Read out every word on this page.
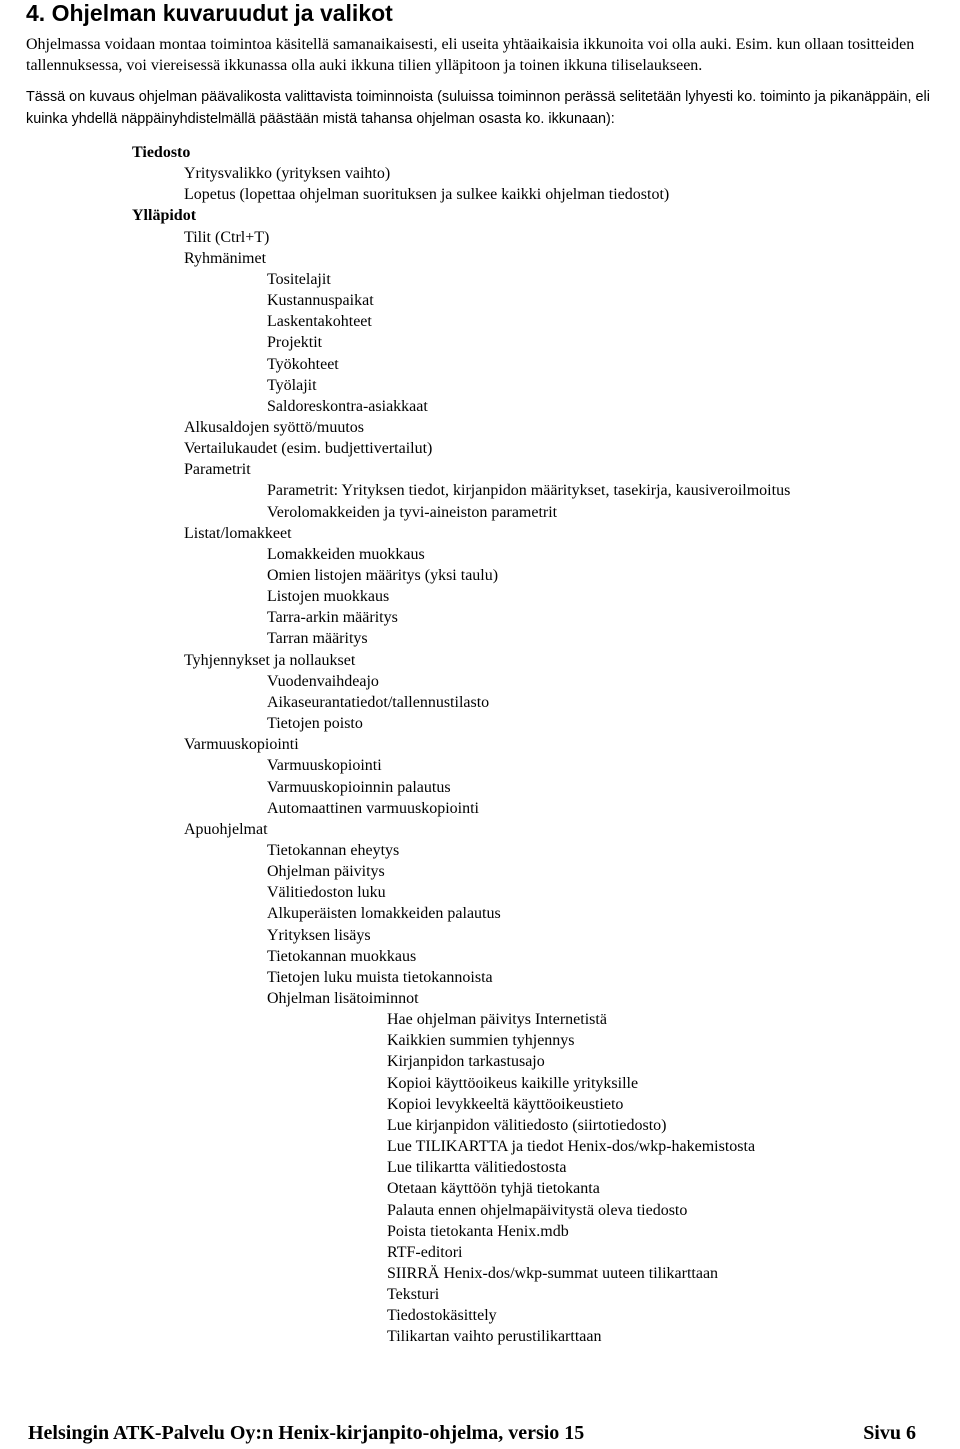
4. Ohjelman kuvaruudut ja valikot

Ohjelmassa voidaan montaa toimintoa käsitellä samanaikaisesti, eli useita yhtäaikaisia ikkunoita voi olla auki. Esim. kun ollaan tositteiden tallennuksessa, voi viereisessä ikkunassa olla auki ikkuna tilien ylläpitoon ja toinen ikkuna tiliselaukseen.

Tässä on kuvaus ohjelman päävalikosta valittavista toiminnoista (suluissa toiminnon perässä selitetään lyhyesti ko. toiminto ja pikanäppäin, eli kuinka yhdellä näppäinyhdistelmällä päästään mistä tahansa ohjelman osasta ko. ikkunaan):

Tiedosto
Yritysvalikko (yrityksen vaihto)
Lopetus (lopettaa ohjelman suorituksen ja sulkee kaikki ohjelman tiedostot)
Ylläpidot
Tilit (Ctrl+T)
Ryhmänimet
Tositelajit
Kustannuspaikat
Laskentakohteet
Projektit
Työkohteet
Työlajit
Saldoreskontra-asiakkaat
Alkusaldojen syöttö/muutos
Vertailukaudet (esim. budjettivertailut)
Parametrit
Parametrit: Yrityksen tiedot, kirjanpidon määritykset, tasekirja, kausiveroilmoitus
Verolomakkeiden ja tyvi-aineiston parametrit
Listat/lomakkeet
Lomakkeiden muokkaus
Omien listojen määritys (yksi taulu)
Listojen muokkaus
Tarra-arkin määritys
Tarran määritys
Tyhjennykset ja nollaukset
Vuodenvaihdeajo
Aikaseurantatiedot/tallennustilasto
Tietojen poisto
Varmuuskopiointi
Varmuuskopiointi
Varmuuskopioinnin palautus
Automaattinen varmuuskopiointi
Apuohjelmat
Tietokannan eheytys
Ohjelman päivitys
Välitiedoston luku
Alkuperäisten lomakkeiden palautus
Yrityksen lisäys
Tietokannan muokkaus
Tietojen luku muista tietokannoista
Ohjelman lisätoiminnot
Hae ohjelman päivitys Internetistä
Kaikkien summien tyhjennys
Kirjanpidon tarkastusajo
Kopioi käyttöoikeus kaikille yrityksille
Kopioi levykkeeltä käyttöoikeustieto
Lue kirjanpidon välitiedosto (siirtotiedosto)
Lue TILIKARTTA ja tiedot Henix-dos/wkp-hakemistosta
Lue tilikartta välitiedostosta
Otetaan käyttöön tyhjä tietokanta
Palauta ennen ohjelmapäivitystä oleva tiedosto
Poista tietokanta Henix.mdb
RTF-editori
SIIRRÄ Henix-dos/wkp-summat uuteen tilikarttaan
Teksturi
Tiedostokäsittely
Tilikartan vaihto perustilikarttaan
Helsingin ATK-Palvelu Oy:n Henix-kirjanpito-ohjelma, versio 15	Sivu 6
